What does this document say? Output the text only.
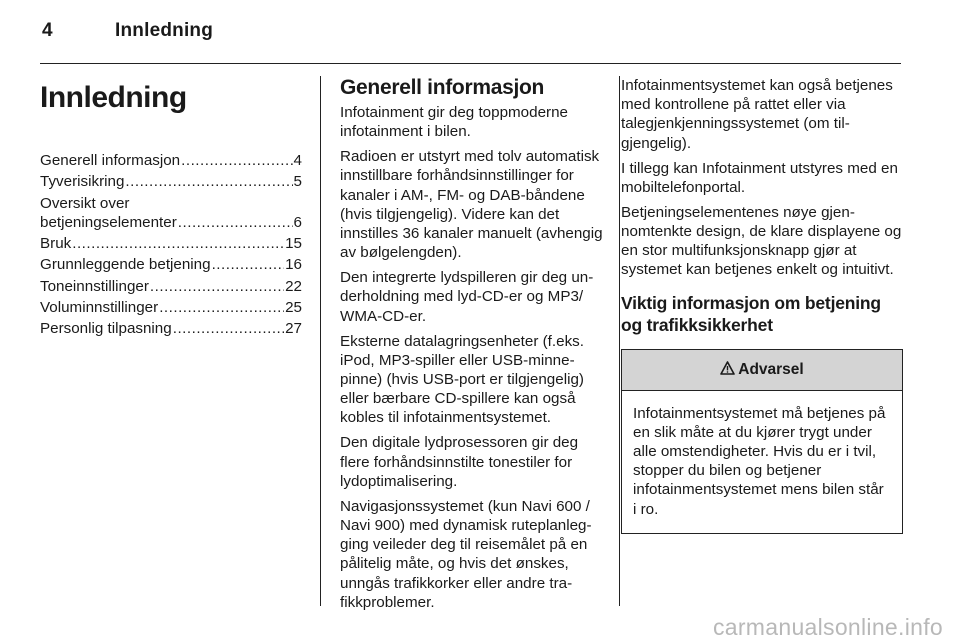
4	Innledning
Innledning
Generell informasjon .....	4
Tyverisikring .....	5
Oversikt over
betjeningselementer .....	6
Bruk .....	15
Grunnleggende betjening .....	16
Toneinnstillinger .....	22
Voluminnstillinger .....	25
Personlig tilpasning .....	27
Generell informasjon

Infotainment gir deg toppmoderne infotainment i bilen.

Radioen er utstyrt med tolv automatisk innstillbare forhåndsinnstillinger for kanaler i AM-, FM- og DAB-båndene (hvis tilgjengelig). Videre kan det innstilles 36 kanaler manuelt (avhengig av bølgelengden).

Den integrerte lydspilleren gir deg underholdning med lyd-CD-er og MP3/ WMA-CD-er.

Eksterne datalagringsenheter (f.eks. iPod, MP3-spiller eller USB-minnepinne) (hvis USB-port er tilgjengelig) eller bærbare CD-spillere kan også kobles til infotainmentsystemet.

Den digitale lydprosessoren gir deg flere forhåndsinnstilte tonestiler for lydoptimalisering.

Navigasjonssystemet (kun Navi 600 / Navi 900) med dynamisk ruteplanlegging veileder deg til reisemålet på en pålitelig måte, og hvis det ønskes, unngås trafikkorker eller andre trafikkproblemer.

Infotainmentsystemet kan også betjenes med kontrollene på rattet eller via talegjenkjenningssystemet (om tilgjengelig).

I tillegg kan Infotainment utstyres med en mobiltelefonportal.

Betjeningselementenes nøye gjennomtenkte design, de klare displayene og en stor multifunksjonsknapp gjør at systemet kan betjenes enkelt og intuitivt.

Viktig informasjon om betjening og trafikksikkerhet
Advarsel
Infotainmentsystemet må betjenes på en slik måte at du kjører trygt under alle omstendigheter. Hvis du er i tvil, stopper du bilen og betjener infotainmentsystemet mens bilen står i ro.
carmanualsonline.info
